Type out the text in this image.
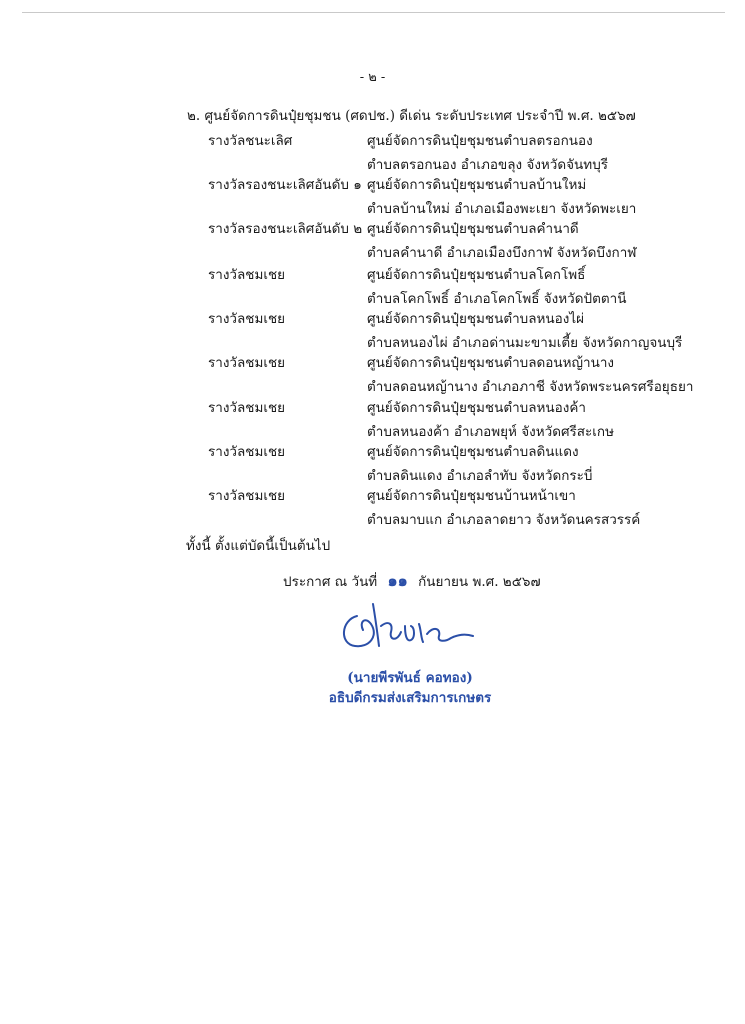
- ๒ -
๒. ศูนย์จัดการดินปุ๋ยชุมชน (ศดปช.) ดีเด่น ระดับประเทศ ประจำปี พ.ศ. ๒๕๖๗
รางวัลชนะเลิศ	ศูนย์จัดการดินปุ๋ยชุมชนตำบลตรอกนอง
ตำบลตรอกนอง อำเภอขลุง จังหวัดจันทบุรี
รางวัลรองชนะเลิศอันดับ ๑ ศูนย์จัดการดินปุ๋ยชุมชนตำบลบ้านใหม่
ตำบลบ้านใหม่ อำเภอเมืองพะเยา จังหวัดพะเยา
รางวัลรองชนะเลิศอันดับ ๒ ศูนย์จัดการดินปุ๋ยชุมชนตำบลคำนาดี
ตำบลคำนาดี อำเภอเมืองบึงกาฬ จังหวัดบึงกาฬ
รางวัลชมเชย	ศูนย์จัดการดินปุ๋ยชุมชนตำบลโคกโพธิ์
ตำบลโคกโพธิ์ อำเภอโคกโพธิ์ จังหวัดปัตตานี
รางวัลชมเชย	ศูนย์จัดการดินปุ๋ยชุมชนตำบลหนองไผ่
ตำบลหนองไผ่ อำเภอด่านมะขามเตี้ย จังหวัดกาญจนบุรี
รางวัลชมเชย	ศูนย์จัดการดินปุ๋ยชุมชนตำบลดอนหญ้านาง
ตำบลดอนหญ้านาง อำเภอภาชี จังหวัดพระนครศรีอยุธยา
รางวัลชมเชย	ศูนย์จัดการดินปุ๋ยชุมชนตำบลหนองค้า
ตำบลหนองค้า อำเภอพยุห์ จังหวัดศรีสะเกษ
รางวัลชมเชย	ศูนย์จัดการดินปุ๋ยชุมชนตำบลดินแดง
ตำบลดินแดง อำเภอลำทับ จังหวัดกระบี่
รางวัลชมเชย	ศูนย์จัดการดินปุ๋ยชุมชนบ้านหน้าเขา
ตำบลมาบแก อำเภอลาดยาว จังหวัดนครสวรรค์
ทั้งนี้ ตั้งแต่บัดนี้เป็นต้นไป
ประกาศ ณ วันที่ ๑๑ กันยายน พ.ศ. ๒๕๖๗
(นายพีรพันธ์ คอทอง)
อธิบดีกรมส่งเสริมการเกษตร
